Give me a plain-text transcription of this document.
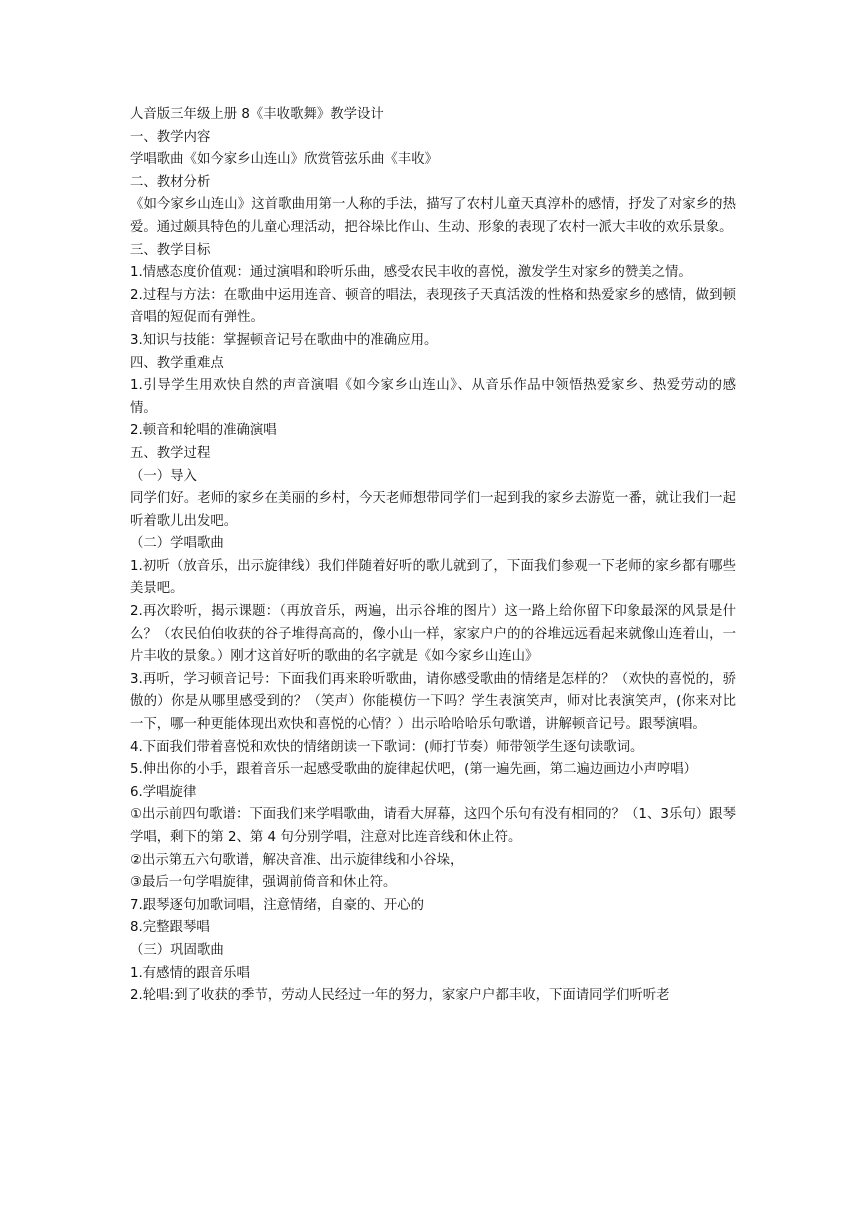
人音版三年级上册 8《丰收歌舞》教学设计

一、教学内容

学唱歌曲《如今家乡山连山》欣赏管弦乐曲《丰收》

二、教材分析

《如今家乡山连山》这首歌曲用第一人称的手法，描写了农村儿童天真淳朴的感情，抒发了对家乡的热爱。通过颇具特色的儿童心理活动，把谷垛比作山、生动、形象的表现了农村一派大丰收的欢乐景象。

三、教学目标

1.情感态度价值观：通过演唱和聆听乐曲，感受农民丰收的喜悦，激发学生对家乡的赞美之情。

2.过程与方法：在歌曲中运用连音、顿音的唱法，表现孩子天真活泼的性格和热爱家乡的感情，做到顿音唱的短促而有弹性。

3.知识与技能：掌握顿音记号在歌曲中的准确应用。

四、教学重难点

1.引导学生用欢快自然的声音演唱《如今家乡山连山》、从音乐作品中领悟热爱家乡、热爱劳动的感情。

2.顿音和轮唱的准确演唱

五、教学过程

（一）导入

同学们好。老师的家乡在美丽的乡村，今天老师想带同学们一起到我的家乡去游览一番，就让我们一起听着歌儿出发吧。

（二）学唱歌曲

1.初听（放音乐，出示旋律线）我们伴随着好听的歌儿就到了，下面我们参观一下老师的家乡都有哪些美景吧。

2.再次聆听，揭示课题：（再放音乐，两遍，出示谷堆的图片）这一路上给你留下印象最深的风景是什么？（农民伯伯收获的谷子堆得高高的，像小山一样，家家户户的的谷堆远远看起来就像山连着山，一片丰收的景象。）刚才这首好听的歌曲的名字就是《如今家乡山连山》

3.再听，学习顿音记号：下面我们再来聆听歌曲，请你感受歌曲的情绪是怎样的？（欢快的喜悦的，骄傲的）你是从哪里感受到的？（笑声）你能模仿一下吗？学生表演笑声，师对比表演笑声，(你来对比一下，哪一种更能体现出欢快和喜悦的心情？）出示哈哈哈乐句歌谱，讲解顿音记号。跟琴演唱。

4.下面我们带着喜悦和欢快的情绪朗读一下歌词：(师打节奏）师带领学生逐句读歌词。

5.伸出你的小手，跟着音乐一起感受歌曲的旋律起伏吧，(第一遍先画，第二遍边画边小声哼唱）

6.学唱旋律

①出示前四句歌谱：下面我们来学唱歌曲，请看大屏幕，这四个乐句有没有相同的？（1、3乐句）跟琴学唱，剩下的第 2、第 4 句分别学唱，注意对比连音线和休止符。

②出示第五六句歌谱，解决音准、出示旋律线和小谷垛，

③最后一句学唱旋律，强调前倚音和休止符。

7.跟琴逐句加歌词唱，注意情绪，自豪的、开心的

8.完整跟琴唱

（三）巩固歌曲

1.有感情的跟音乐唱

2.轮唱:到了收获的季节，劳动人民经过一年的努力，家家户户都丰收，下面请同学们听听老
